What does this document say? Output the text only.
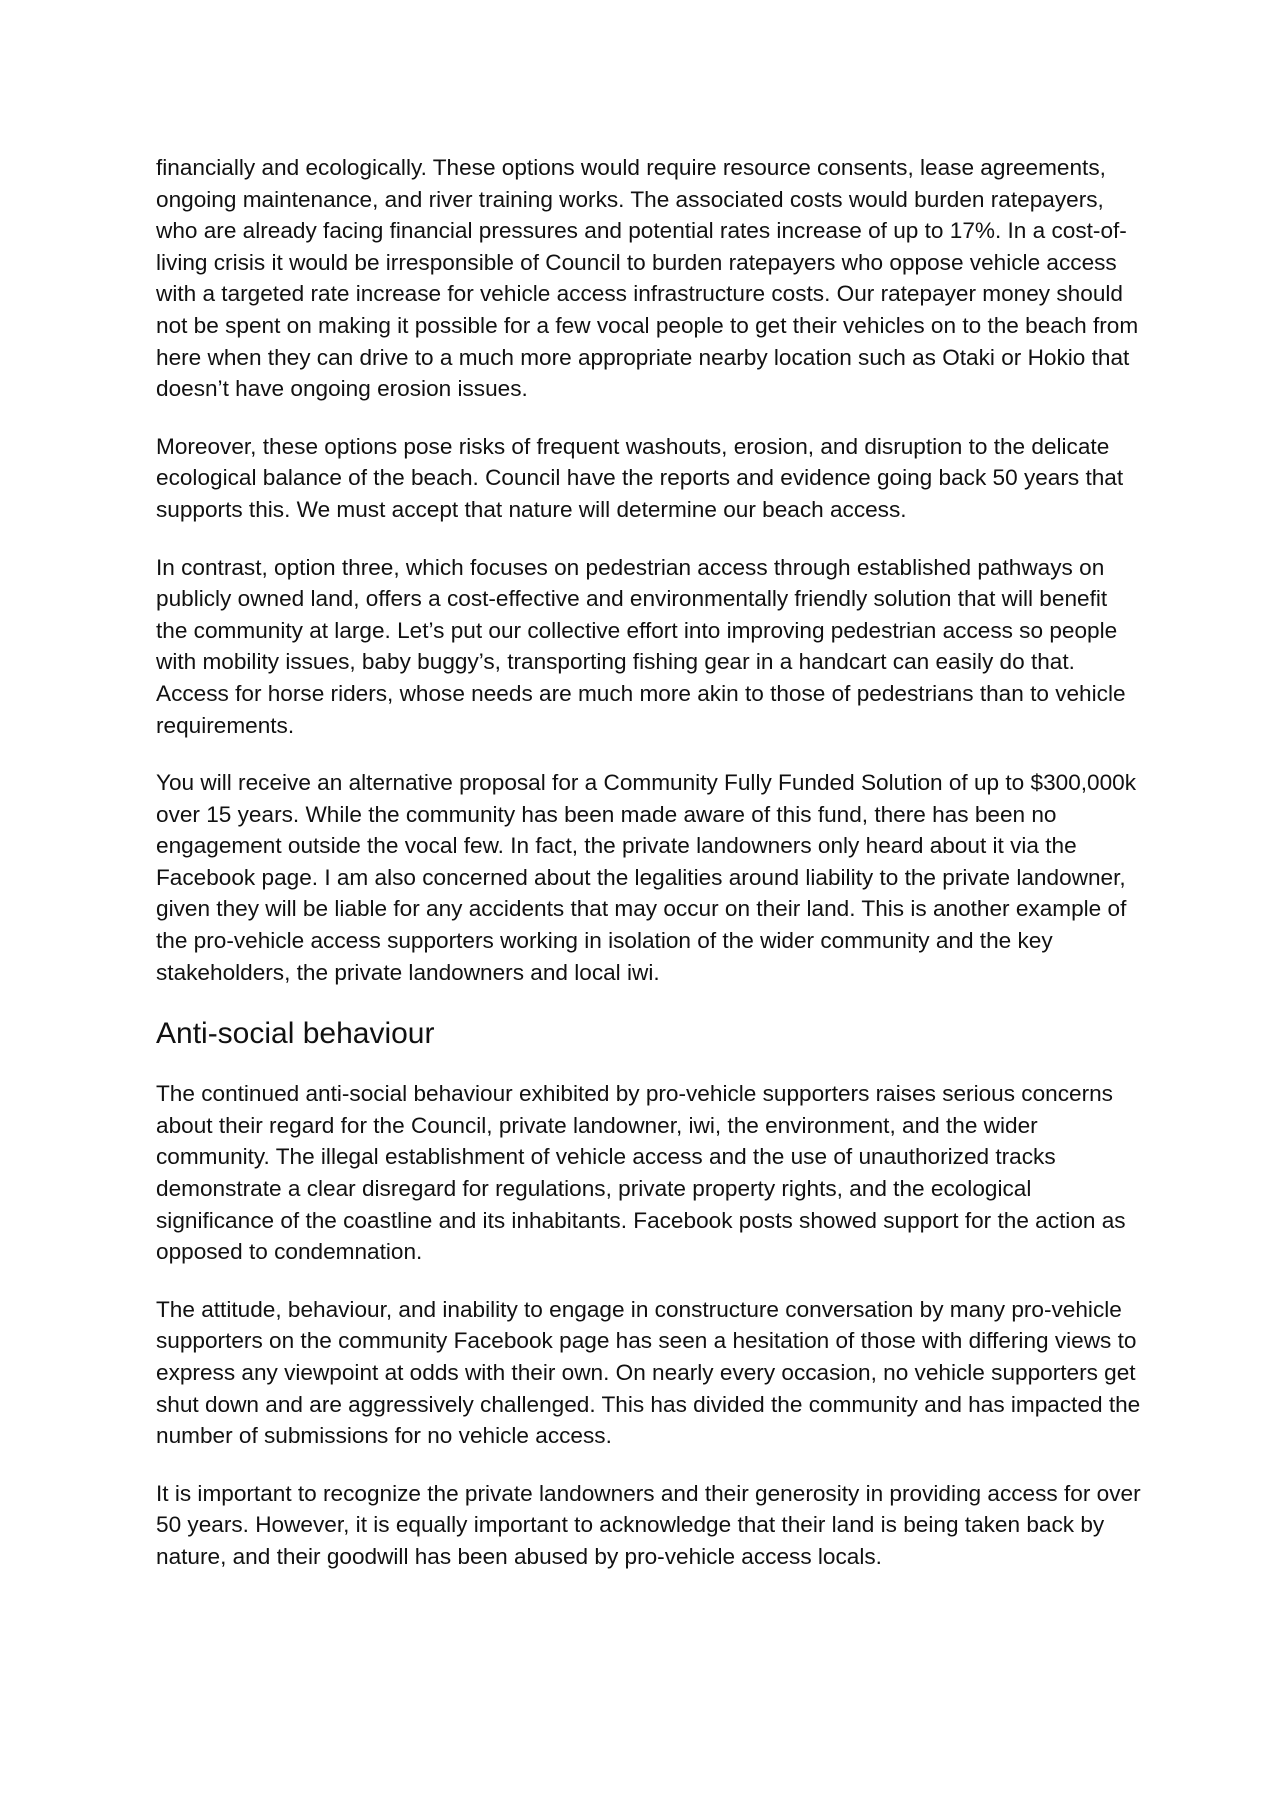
financially and ecologically. These options would require resource consents, lease agreements, ongoing maintenance, and river training works. The associated costs would burden ratepayers, who are already facing financial pressures and potential rates increase of up to 17%. In a cost-of-living crisis it would be irresponsible of Council to burden ratepayers who oppose vehicle access with a targeted rate increase for vehicle access infrastructure costs. Our ratepayer money should not be spent on making it possible for a few vocal people to get their vehicles on to the beach from here when they can drive to a much more appropriate nearby location such as Otaki or Hokio that doesn’t have ongoing erosion issues.

Moreover, these options pose risks of frequent washouts, erosion, and disruption to the delicate ecological balance of the beach. Council have the reports and evidence going back 50 years that supports this. We must accept that nature will determine our beach access.

In contrast, option three, which focuses on pedestrian access through established pathways on publicly owned land, offers a cost-effective and environmentally friendly solution that will benefit the community at large. Let’s put our collective effort into improving pedestrian access so people with mobility issues, baby buggy’s, transporting fishing gear in a handcart can easily do that. Access for horse riders, whose needs are much more akin to those of pedestrians than to vehicle requirements.

You will receive an alternative proposal for a Community Fully Funded Solution of up to $300,000k over 15 years. While the community has been made aware of this fund, there has been no engagement outside the vocal few. In fact, the private landowners only heard about it via the Facebook page. I am also concerned about the legalities around liability to the private landowner, given they will be liable for any accidents that may occur on their land. This is another example of the pro-vehicle access supporters working in isolation of the wider community and the key stakeholders, the private landowners and local iwi.

Anti-social behaviour

The continued anti-social behaviour exhibited by pro-vehicle supporters raises serious concerns about their regard for the Council, private landowner, iwi, the environment, and the wider community. The illegal establishment of vehicle access and the use of unauthorized tracks demonstrate a clear disregard for regulations, private property rights, and the ecological significance of the coastline and its inhabitants. Facebook posts showed support for the action as opposed to condemnation.

The attitude, behaviour, and inability to engage in constructure conversation by many pro-vehicle supporters on the community Facebook page has seen a hesitation of those with differing views to express any viewpoint at odds with their own. On nearly every occasion, no vehicle supporters get shut down and are aggressively challenged. This has divided the community and has impacted the number of submissions for no vehicle access.

It is important to recognize the private landowners and their generosity in providing access for over 50 years. However, it is equally important to acknowledge that their land is being taken back by nature, and their goodwill has been abused by pro-vehicle access locals.
